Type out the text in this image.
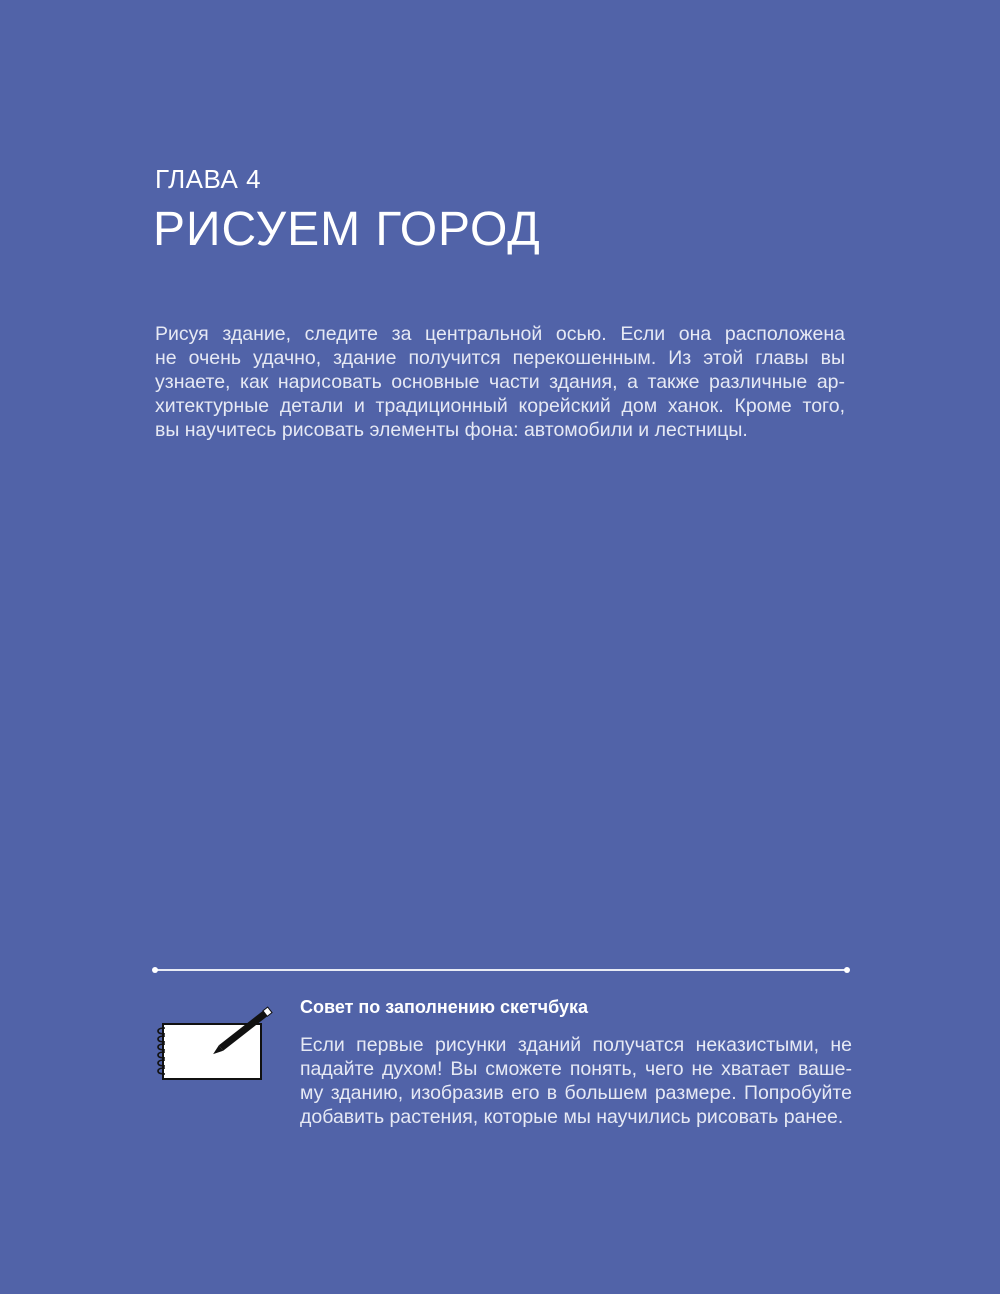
ГЛАВА 4
РИСУЕМ ГОРОД
Рисуя здание, следите за центральной осью. Если она расположена
не очень удачно, здание получится перекошенным. Из этой главы вы
узнаете, как нарисовать основные части здания, а также различные ар-
хитектурные детали и традиционный корейский дом ханок. Кроме того,
вы научитесь рисовать элементы фона: автомобили и лестницы.
Совет по заполнению скетчбука
Если первые рисунки зданий получатся неказистыми, не
падайте духом! Вы сможете понять, чего не хватает ваше-
му зданию, изобразив его в большем размере. Попробуйте
добавить растения, которые мы научились рисовать ранее.
